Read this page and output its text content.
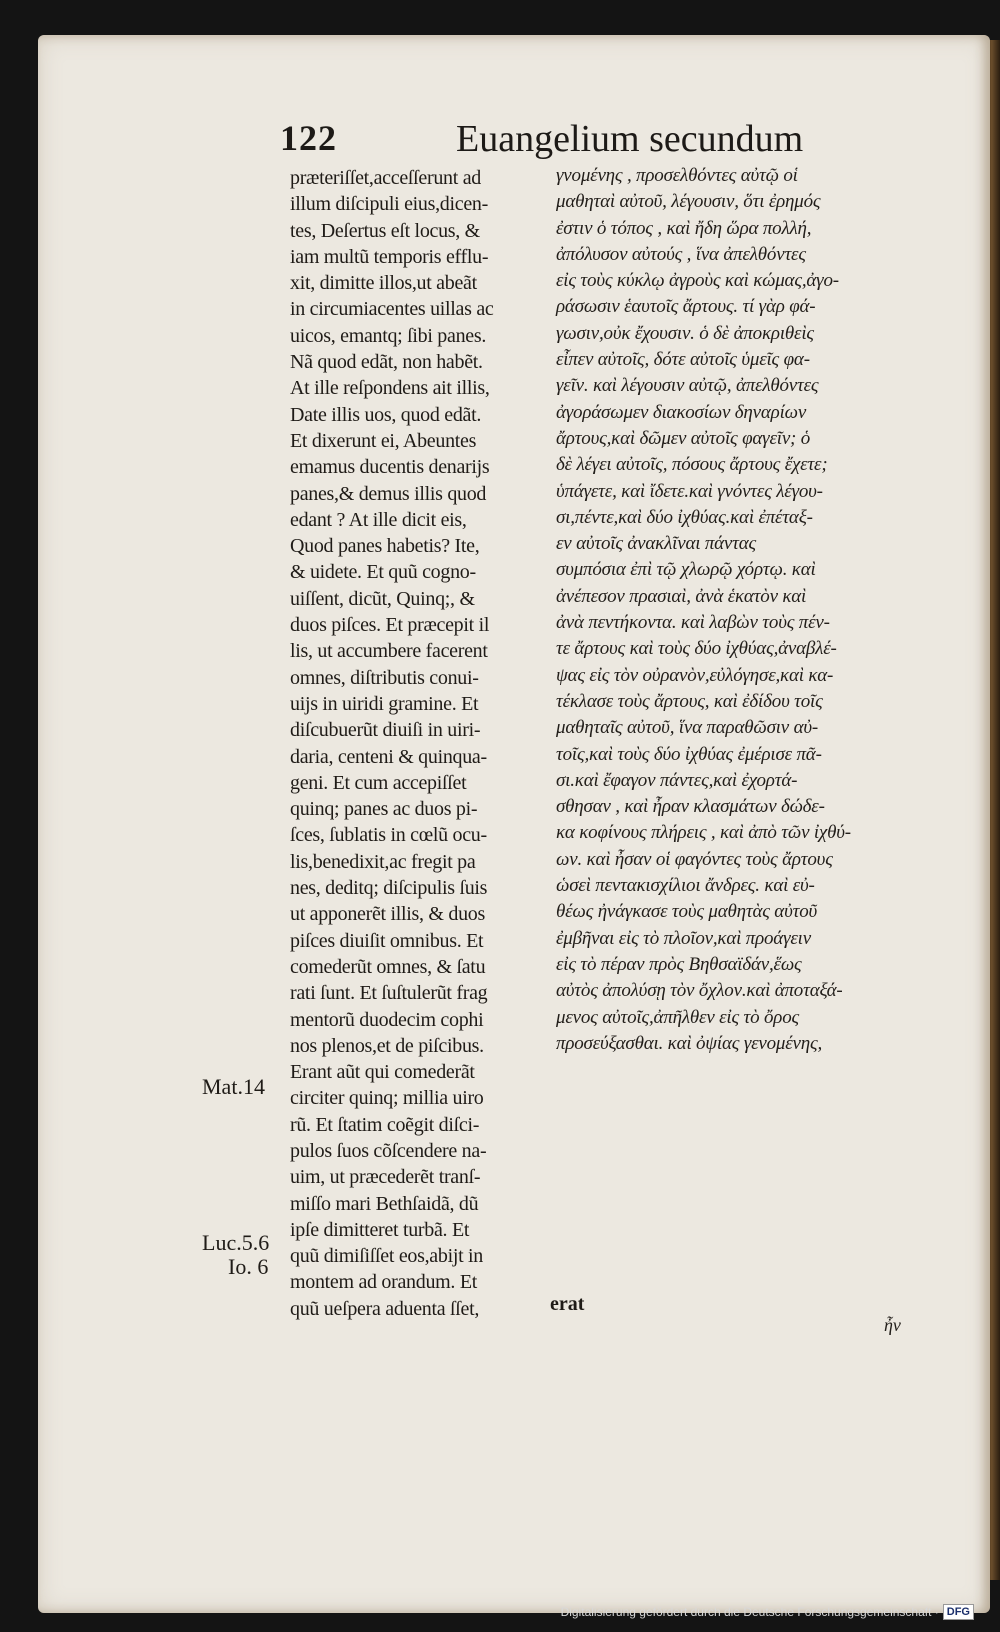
122	Euangelium secundum
præteriſſet,acceſſerunt ad
illum diſcipuli eius,dicen-
tes, Deſertus eſt locus, &
iam multũ temporis efflu-
xit, dimitte illos,ut abeãt
in circumiacentes uillas ac
uicos, emantq; ſibi panes.
Nã quod edãt, non habẽt.
At ille reſpondens ait illis,
Date illis uos, quod edãt.
Et dixerunt ei, Abeuntes
emamus ducentis denarijs
panes,& demus illis quod
edant ? At ille dicit eis,
Quod panes habetis? Ite,
& uidete. Et quũ cogno-
uiſſent, dicũt, Quinq;, &
duos piſces. Et præcepit il
lis, ut accumbere facerent
omnes, diſtributis conui-
uijs in uiridi gramine. Et
diſcubuerũt diuiſi in uiri-
daria, centeni & quinqua-
geni. Et cum accepiſſet
quinq; panes ac duos pi-
ſces, ſublatis in cœlũ ocu-
lis,benedixit,ac fregit pa
nes, deditq; diſcipulis ſuis
ut apponerẽt illis, & duos
piſces diuiſit omnibus. Et
comederũt omnes, & ſatu
rati ſunt. Et ſuſtulerũt frag
mentorũ duodecim cophi
nos plenos,et de piſcibus.
Erant aũt qui comederãt
circiter quinq; millia uiro
rũ. Et ſtatim coẽgit diſci-
pulos ſuos cõſcendere na-
uim, ut præcederẽt tranſ-
miſſo mari Bethſaidã, dũ
ipſe dimitteret turbã. Et
quũ dimiſiſſet eos,abijt in
montem ad orandum. Et
quũ ueſpera aduenta ſſet,
γνομένης , προσελθόντες αὐτῷ οἱ
μαθηταὶ αὐτοῦ, λέγουσιν, ὅτι ἐρημός
ἐστιν ὁ τόπος , καὶ ἤδη ὥρα πολλή,
ἀπόλυσον αὐτούς , ἵνα ἀπελθόντες
εἰς τοὺς κύκλῳ ἀγροὺς καὶ κώμας,ἀγο-
ράσωσιν ἑαυτοῖς ἄρτους. τί γὰρ φά-
γωσιν,οὐκ ἔχουσιν. ὁ δὲ ἀποκριθεὶς
εἶπεν αὐτοῖς, δότε αὐτοῖς ὑμεῖς φα-
γεῖν. καὶ λέγουσιν αὐτῷ, ἀπελθόντες
ἀγοράσωμεν διακοσίων δηναρίων
ἄρτους,καὶ δῶμεν αὐτοῖς φαγεῖν; ὁ
δὲ λέγει αὐτοῖς, πόσους ἄρτους ἔχετε;
ὑπάγετε, καὶ ἴδετε.καὶ γνόντες λέγου-
σι,πέντε,καὶ δύο ἰχθύας.καὶ ἐπέταξ-
εν αὐτοῖς ἀνακλῖναι πάντας
συμπόσια ἐπὶ τῷ χλωρῷ χόρτῳ. καὶ
ἀνέπεσον πρασιαὶ, ἀνὰ ἑκατὸν καὶ
ἀνὰ πεντήκοντα. καὶ λαβὼν τοὺς πέν-
τε ἄρτους καὶ τοὺς δύο ἰχθύας,ἀναβλέ-
ψας εἰς τὸν οὐρανὸν,εὐλόγησε,καὶ κα-
τέκλασε τοὺς ἄρτους, καὶ ἐδίδου τοῖς
μαθηταῖς αὐτοῦ, ἵνα παραθῶσιν αὐ-
τοῖς,καὶ τοὺς δύο ἰχθύας ἐμέρισε πᾶ-
σι.καὶ ἔφαγον πάντες,καὶ ἐχορτά-
σθησαν , καὶ ἦραν κλασμάτων δώδε-
κα κοφίνους πλήρεις , καὶ ἀπὸ τῶν ἰχθύ-
ων. καὶ ἦσαν οἱ φαγόντες τοὺς ἄρτους
ὡσεὶ πεντακισχίλιοι ἄνδρες. καὶ εὐ-
θέως ἠνάγκασε τοὺς μαθητὰς αὐτοῦ
ἐμβῆναι εἰς τὸ πλοῖον,καὶ προάγειν
εἰς τὸ πέραν πρὸς Βηθσαϊδάν,ἕως
αὐτὸς ἀπολύσῃ τὸν ὄχλον.καὶ ἀποταξά-
μενος αὐτοῖς,ἀπῆλθεν εἰς τὸ ὄρος
προσεύξασθαι. καὶ ὀψίας γενομένης,
erat
ἦν
Mat.14
Luc.5.6
Io. 6
Digitalisierung gefördert durch die Deutsche Forschungsgemeinschaft · DFG
